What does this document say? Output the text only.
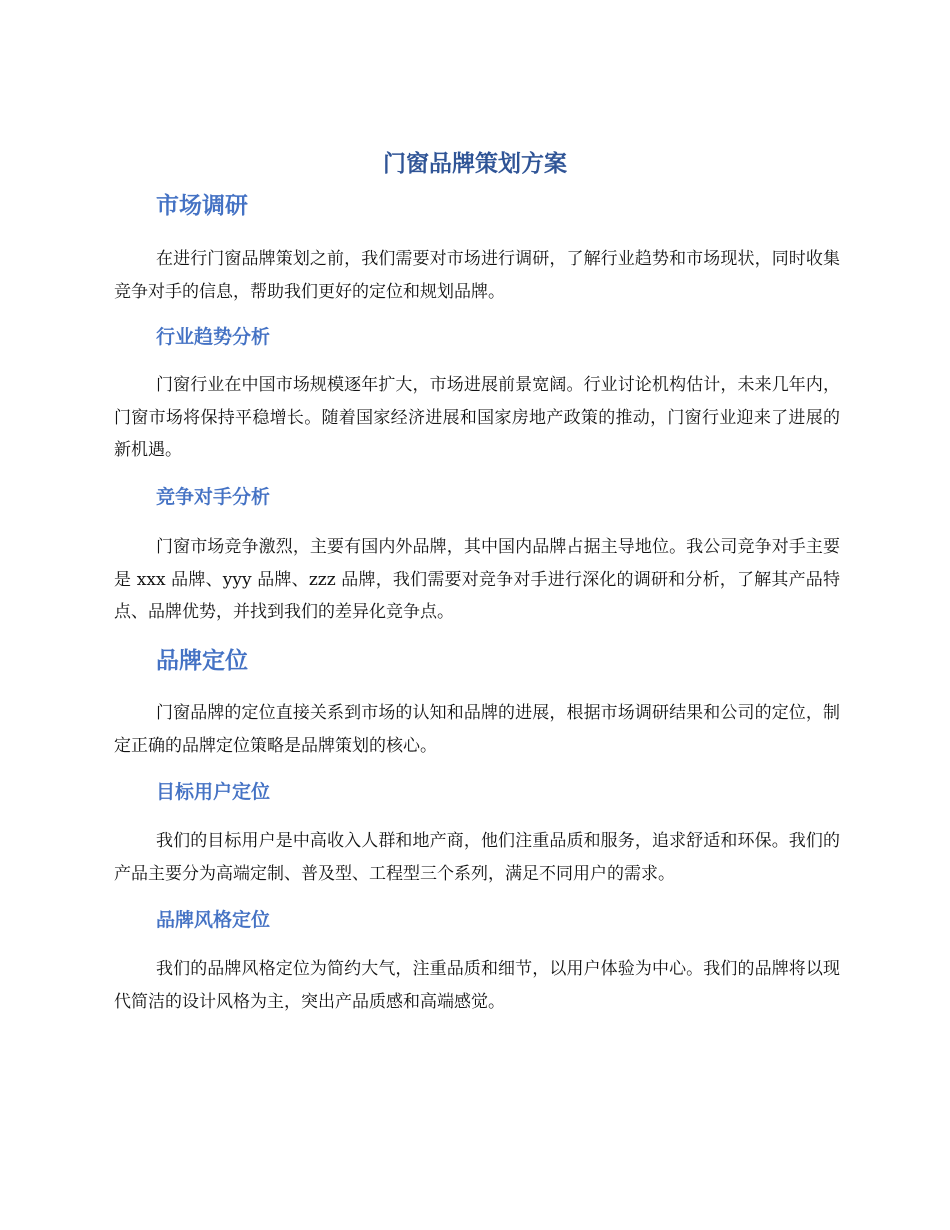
门窗品牌策划方案
市场调研

在进行门窗品牌策划之前，我们需要对市场进行调研，了解行业趋势和市场现状，同时收集竞争对手的信息，帮助我们更好的定位和规划品牌。

行业趋势分析

门窗行业在中国市场规模逐年扩大，市场进展前景宽阔。行业讨论机构估计，未来几年内，门窗市场将保持平稳增长。随着国家经济进展和国家房地产政策的推动，门窗行业迎来了进展的新机遇。

竞争对手分析

门窗市场竞争激烈，主要有国内外品牌，其中国内品牌占据主导地位。我公司竞争对手主要是 xxx 品牌、yyy 品牌、zzz 品牌，我们需要对竞争对手进行深化的调研和分析，了解其产品特点、品牌优势，并找到我们的差异化竞争点。

品牌定位

门窗品牌的定位直接关系到市场的认知和品牌的进展，根据市场调研结果和公司的定位，制定正确的品牌定位策略是品牌策划的核心。

目标用户定位

我们的目标用户是中高收入人群和地产商，他们注重品质和服务，追求舒适和环保。我们的产品主要分为高端定制、普及型、工程型三个系列，满足不同用户的需求。

品牌风格定位

我们的品牌风格定位为简约大气，注重品质和细节，以用户体验为中心。我们的品牌将以现代简洁的设计风格为主，突出产品质感和高端感觉。
